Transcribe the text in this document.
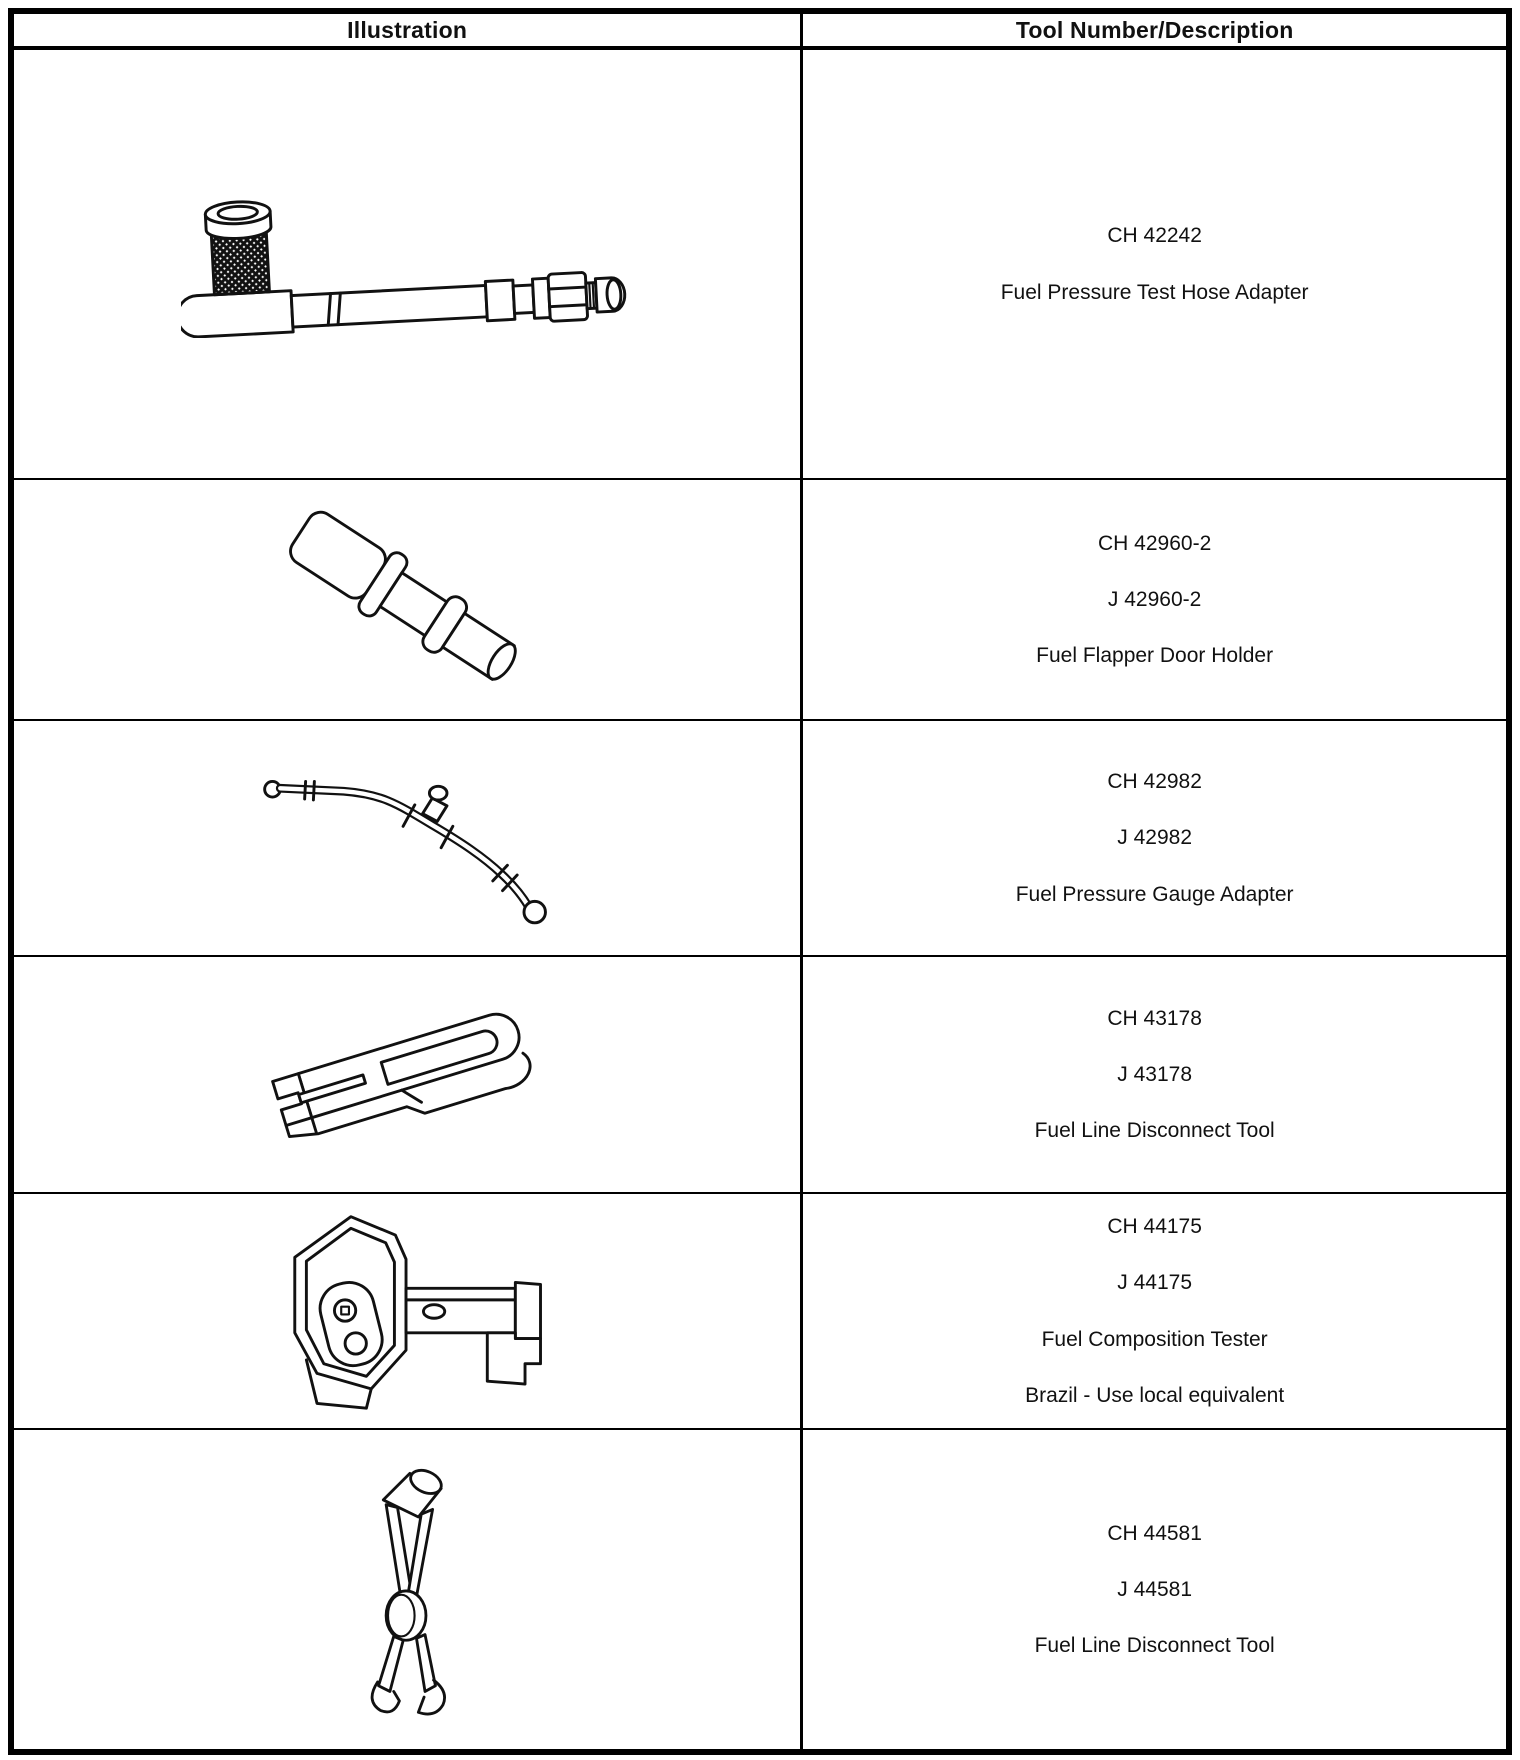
Illustration	Tool Number/Description
CH 42242
Fuel Pressure Test Hose Adapter
CH 42960-2
J 42960-2
Fuel Flapper Door Holder
CH 42982
J 42982
Fuel Pressure Gauge Adapter
CH 43178
J 43178
Fuel Line Disconnect Tool
CH 44175
J 44175
Fuel Composition Tester
Brazil - Use local equivalent
CH 44581
J 44581
Fuel Line Disconnect Tool
